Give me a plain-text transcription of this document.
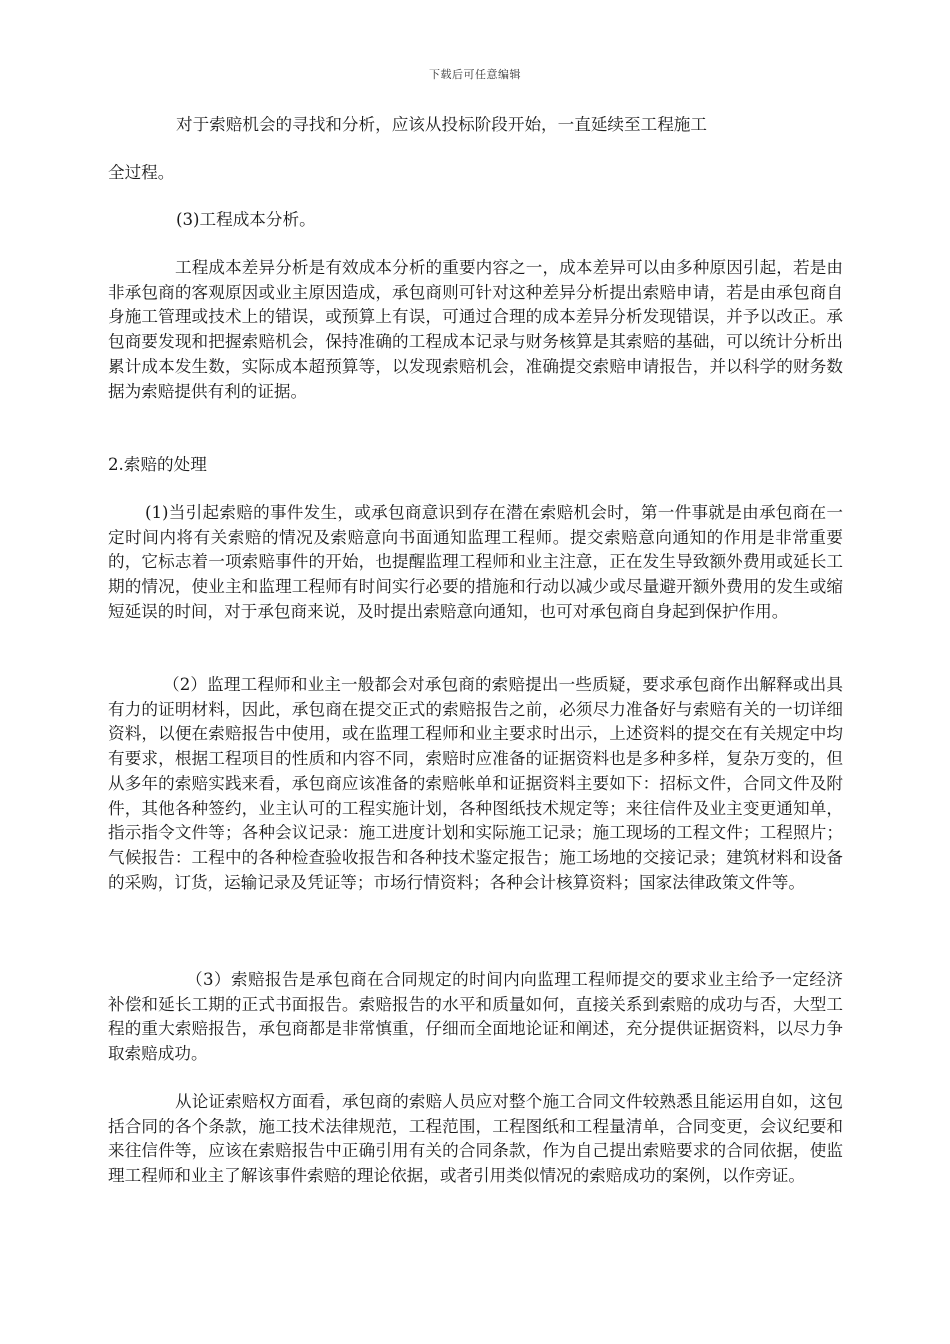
下载后可任意编辑

对于索赔机会的寻找和分析，应该从投标阶段开始，一直延续至工程施工

全过程。

(3)工程成本分析。

工程成本差异分析是有效成本分析的重要内容之一，成本差异可以由多种原因引起，若是由非承包商的客观原因或业主原因造成，承包商则可针对这种差异分析提出索赔申请，若是由承包商自身施工管理或技术上的错误，或预算上有误，可通过合理的成本差异分析发现错误，并予以改正。承包商要发现和把握索赔机会，保持准确的工程成本记录与财务核算是其索赔的基础，可以统计分析出累计成本发生数，实际成本超预算等，以发现索赔机会，准确提交索赔申请报告，并以科学的财务数据为索赔提供有利的证据。

2.索赔的处理

(1)当引起索赔的事件发生，或承包商意识到存在潜在索赔机会时，第一件事就是由承包商在一定时间内将有关索赔的情况及索赔意向书面通知监理工程师。提交索赔意向通知的作用是非常重要的，它标志着一项索赔事件的开始，也提醒监理工程师和业主注意，正在发生导致额外费用或延长工期的情况，使业主和监理工程师有时间实行必要的措施和行动以减少或尽量避开额外费用的发生或缩短延误的时间，对于承包商来说，及时提出索赔意向通知，也可对承包商自身起到保护作用。

（2）监理工程师和业主一般都会对承包商的索赔提出一些质疑，要求承包商作出解释或出具有力的证明材料，因此，承包商在提交正式的索赔报告之前，必须尽力准备好与索赔有关的一切详细资料，以便在索赔报告中使用，或在监理工程师和业主要求时出示，上述资料的提交在有关规定中均有要求，根据工程项目的性质和内容不同，索赔时应准备的证据资料也是多种多样，复杂万变的，但从多年的索赔实践来看，承包商应该准备的索赔帐单和证据资料主要如下：招标文件，合同文件及附件，其他各种签约，业主认可的工程实施计划，各种图纸技术规定等；来往信件及业主变更通知单，指示指令文件等；各种会议记录：施工进度计划和实际施工记录；施工现场的工程文件；工程照片；气候报告：工程中的各种检查验收报告和各种技术鉴定报告；施工场地的交接记录；建筑材料和设备的采购，订货，运输记录及凭证等；市场行情资料；各种会计核算资料；国家法律政策文件等。

（3）索赔报告是承包商在合同规定的时间内向监理工程师提交的要求业主给予一定经济补偿和延长工期的正式书面报告。索赔报告的水平和质量如何，直接关系到索赔的成功与否，大型工程的重大索赔报告，承包商都是非常慎重，仔细而全面地论证和阐述，充分提供证据资料，以尽力争取索赔成功。

从论证索赔权方面看，承包商的索赔人员应对整个施工合同文件较熟悉且能运用自如，这包括合同的各个条款，施工技术法律规范，工程范围，工程图纸和工程量清单，合同变更，会议纪要和来往信件等，应该在索赔报告中正确引用有关的合同条款，作为自己提出索赔要求的合同依据，使监理工程师和业主了解该事件索赔的理论依据，或者引用类似情况的索赔成功的案例，以作旁证。
